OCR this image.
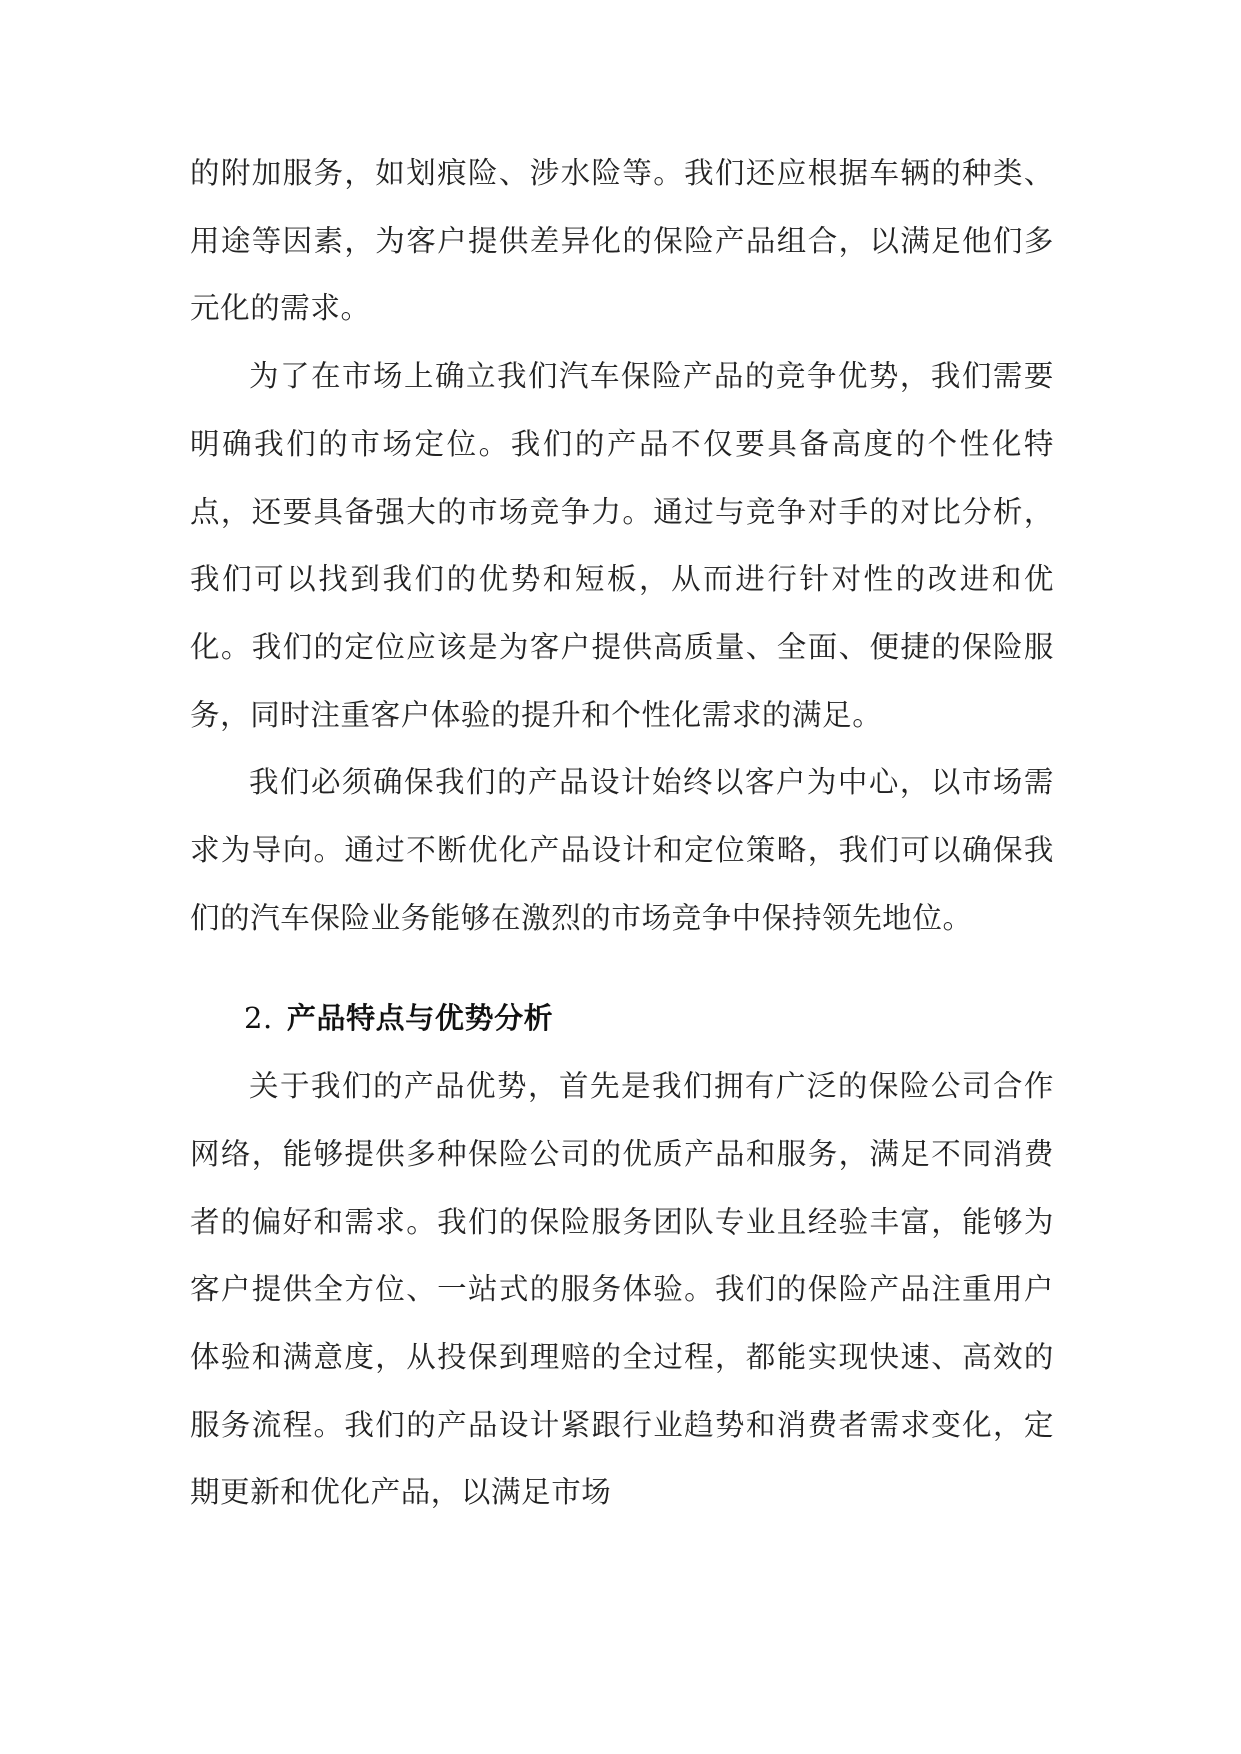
的附加服务，如划痕险、涉水险等。我们还应根据车辆的种类、用途等因素，为客户提供差异化的保险产品组合，以满足他们多元化的需求。

为了在市场上确立我们汽车保险产品的竞争优势，我们需要明确我们的市场定位。我们的产品不仅要具备高度的个性化特点，还要具备强大的市场竞争力。通过与竞争对手的对比分析，我们可以找到我们的优势和短板，从而进行针对性的改进和优化。我们的定位应该是为客户提供高质量、全面、便捷的保险服务，同时注重客户体验的提升和个性化需求的满足。

我们必须确保我们的产品设计始终以客户为中心，以市场需求为导向。通过不断优化产品设计和定位策略，我们可以确保我们的汽车保险业务能够在激烈的市场竞争中保持领先地位。

2. 产品特点与优势分析

关于我们的产品优势，首先是我们拥有广泛的保险公司合作网络，能够提供多种保险公司的优质产品和服务，满足不同消费者的偏好和需求。我们的保险服务团队专业且经验丰富，能够为客户提供全方位、一站式的服务体验。我们的保险产品注重用户体验和满意度，从投保到理赔的全过程，都能实现快速、高效的服务流程。我们的产品设计紧跟行业趋势和消费者需求变化，定期更新和优化产品，以满足市场
